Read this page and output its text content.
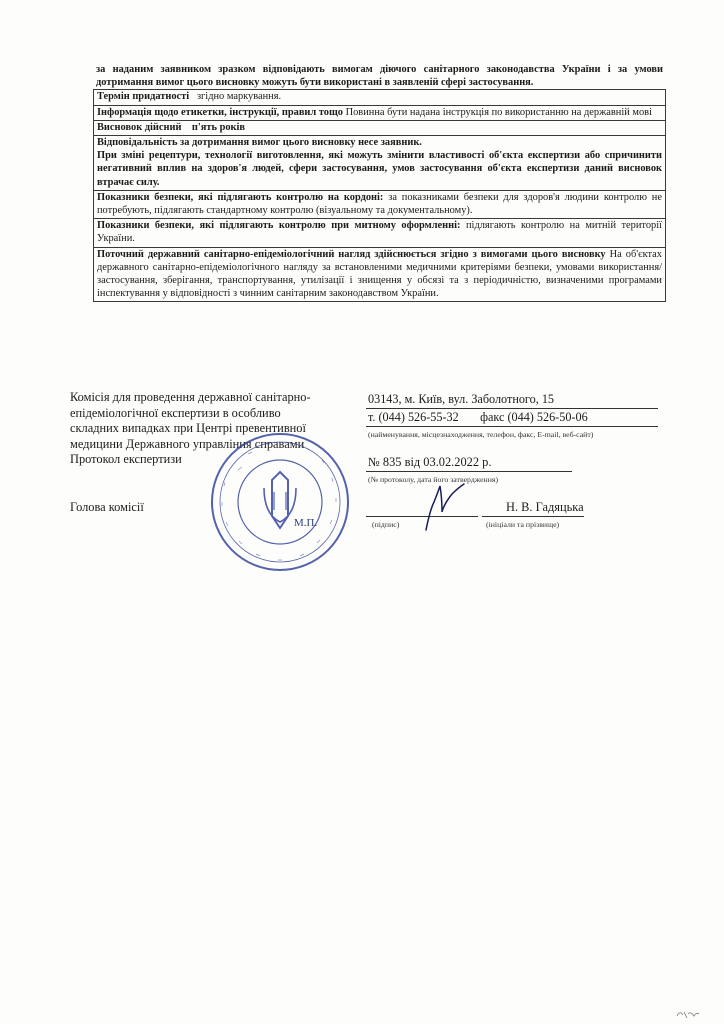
за наданим заявником зразком відповідають вимогам діючого санітарного законодавства України і за умови дотримання вимог цього висновку можуть бути використані в заявленій сфері застосування.
Термін придатності згідно маркування.
Інформація щодо етикетки, інструкції, правил тощо Повинна бути надана інструкція по використанню на державній мові
Висновок дійсний п'ять років
Відповідальність за дотримання вимог цього висновку несе заявник.
При зміні рецептури, технології виготовлення, які можуть змінити властивості об'єкта експертизи або спричинити негативний вплив на здоров'я людей, сфери застосування, умов застосування об'єкта експертизи даний висновок втрачає силу.
Показники безпеки, які підлягають контролю на кордоні: за показниками безпеки для здоров'я людини контролю не потребують, підлягають стандартному контролю (візуальному та документальному).
Показники безпеки, які підлягають контролю при митному оформленні: підлягають контролю на митній території України.
Поточний державний санітарно-епідеміологічний нагляд здійснюється згідно з вимогами цього висновку На об'єктах державного санітарно-епідеміологічного нагляду за встановленими медичними критеріями безпеки, умовами використання/застосування, зберігання, транспортування, утилізації і знищення у обсязі та з періодичністю, визначеними програмами інспектування у відповідності з чинним санітарним законодавством України.
Комісія для проведення державної санітарно-
епідеміологічної експертизи в особливо
складних випадках при Центрі превентивної
медицини Державного управління справами
Протокол експертизи
Голова комісії
03143, м. Київ, вул. Заболотного, 15
т. (044) 526-55-32 факс (044) 526-50-06
(найменування, місцезнаходження, телефон, факс, E-mail, веб-сайт)
№ 835 від 03.02.2022 р.
(№ протоколу, дата його затвердження)
Н. В. Гадяцька
(підпис)	(ініціали та прізвище)
М.П.
